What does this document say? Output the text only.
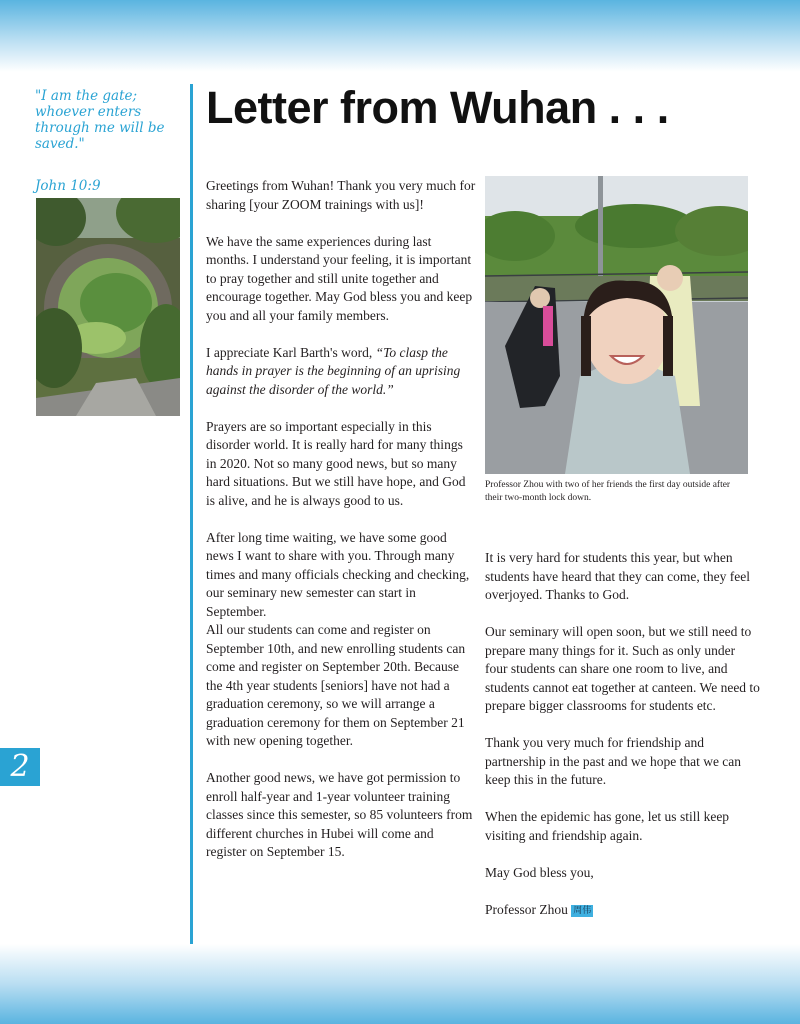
"I am the gate; whoever enters through me will be saved."
John 10:9
2
Letter from Wuhan . . .

Greetings from Wuhan! Thank you very much for sharing [your ZOOM trainings with us]!

We have the same experiences during last months. I understand your feeling, it is important to pray together and still unite together and encourage together. May God bless you and keep you and all your family members.

I appreciate Karl Barth's word, “To clasp the hands in prayer is the beginning of an uprising against the disorder of the world.”

Prayers are so important especially in this disorder world. It is really hard for many things in 2020. Not so many good news, but so many hard situations. But we still have hope, and God is alive, and he is always good to us.

After long time waiting, we have some good news I want to share with you. Through many times and many officials checking and checking, our seminary new semester can start in September.

All our students can come and register on September 10th, and new enrolling students can come and register on September 20th. Because the 4th year students [seniors] have not had a graduation ceremony, so we will arrange a graduation ceremony for them on September 21 with new opening together.

Another good news, we have got permission to enroll half-year and 1-year volunteer training classes since this semester, so 85 volunteers from different churches in Hubei will come and register on September 15.

Professor Zhou with two of her friends the first day outside after their two-month lock down.

It is very hard for students this year, but when students have heard that they can come, they feel overjoyed. Thanks to God.

Our seminary will open soon, but we still need to prepare many things for it. Such as only under four students can share one room to live, and students cannot eat together at canteen. We need to prepare bigger classrooms for students etc.

Thank you very much for friendship and partnership in the past and we hope that we can keep this in the future.

When the epidemic has gone, let us still keep visiting and friendship again.

May God bless you,

Professor Zhou 周伟
